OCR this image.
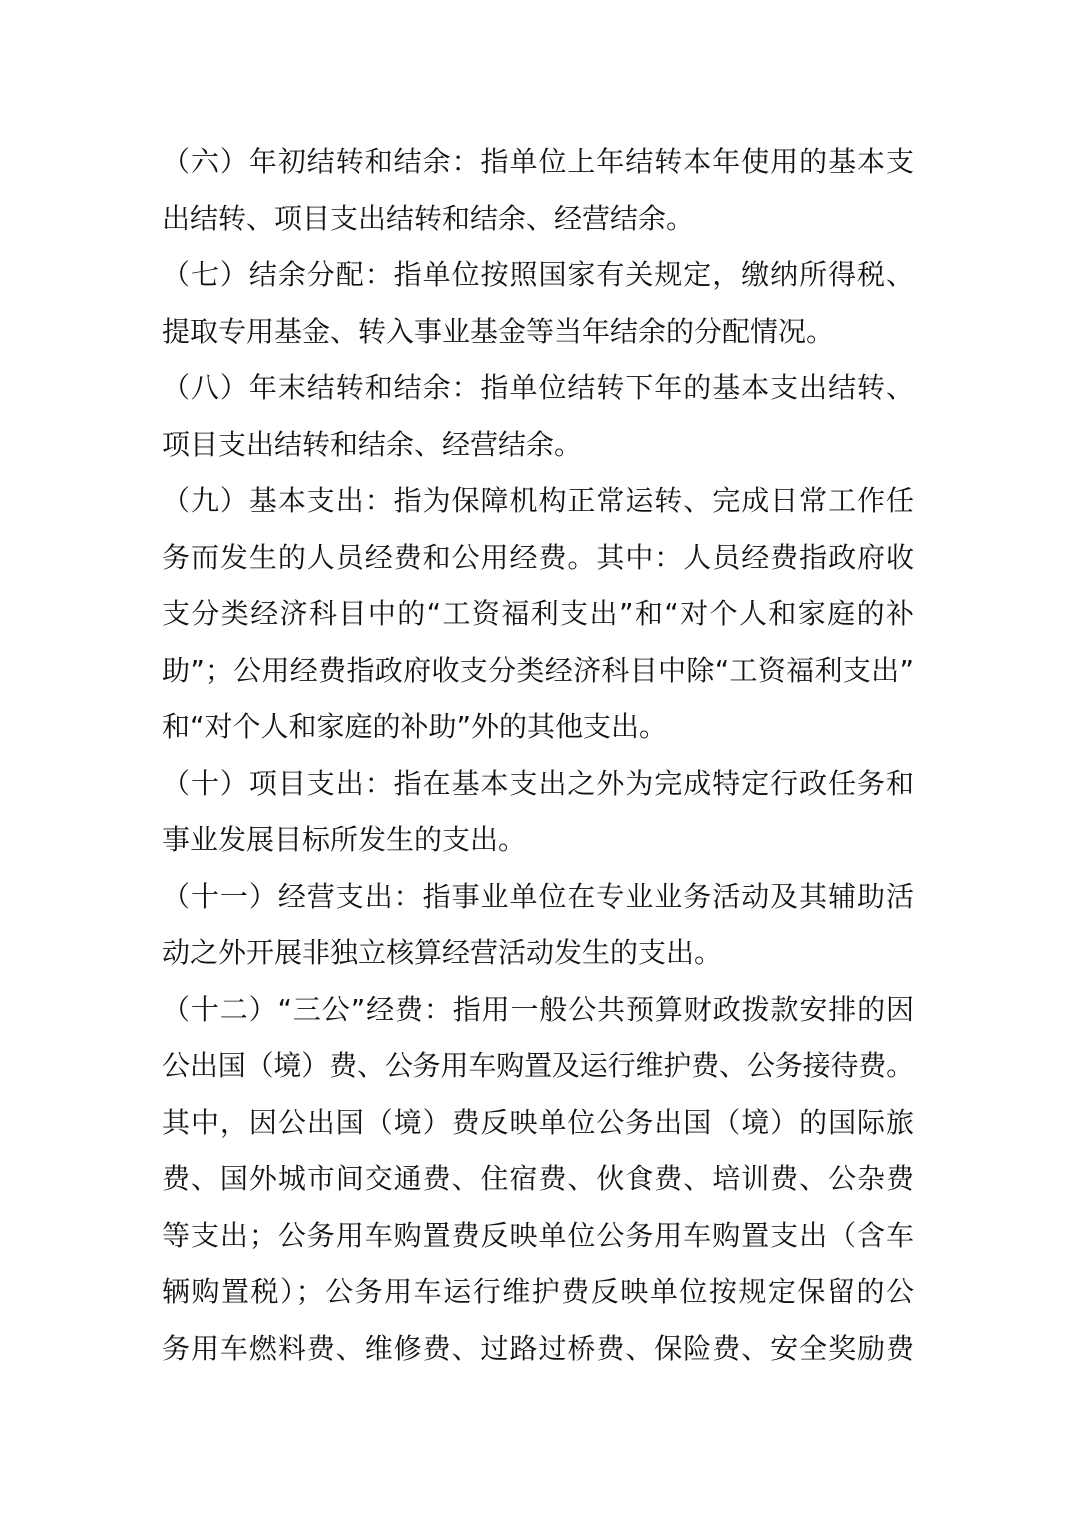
（六）年初结转和结余：指单位上年结转本年使用的基本支
出结转、项目支出结转和结余、经营结余。
（七）结余分配：指单位按照国家有关规定，缴纳所得税、
提取专用基金、转入事业基金等当年结余的分配情况。
（八）年末结转和结余：指单位结转下年的基本支出结转、
项目支出结转和结余、经营结余。
（九）基本支出：指为保障机构正常运转、完成日常工作任
务而发生的人员经费和公用经费。其中：人员经费指政府收
支分类经济科目中的“工资福利支出”和“对个人和家庭的补
助”；公用经费指政府收支分类经济科目中除“工资福利支出”
和“对个人和家庭的补助”外的其他支出。
（十）项目支出：指在基本支出之外为完成特定行政任务和
事业发展目标所发生的支出。
（十一）经营支出：指事业单位在专业业务活动及其辅助活
动之外开展非独立核算经营活动发生的支出。
（十二）“三公”经费：指用一般公共预算财政拨款安排的因
公出国（境）费、公务用车购置及运行维护费、公务接待费。
其中，因公出国（境）费反映单位公务出国（境）的国际旅
费、国外城市间交通费、住宿费、伙食费、培训费、公杂费
等支出；公务用车购置费反映单位公务用车购置支出（含车
辆购置税）；公务用车运行维护费反映单位按规定保留的公
务用车燃料费、维修费、过路过桥费、保险费、安全奖励费
